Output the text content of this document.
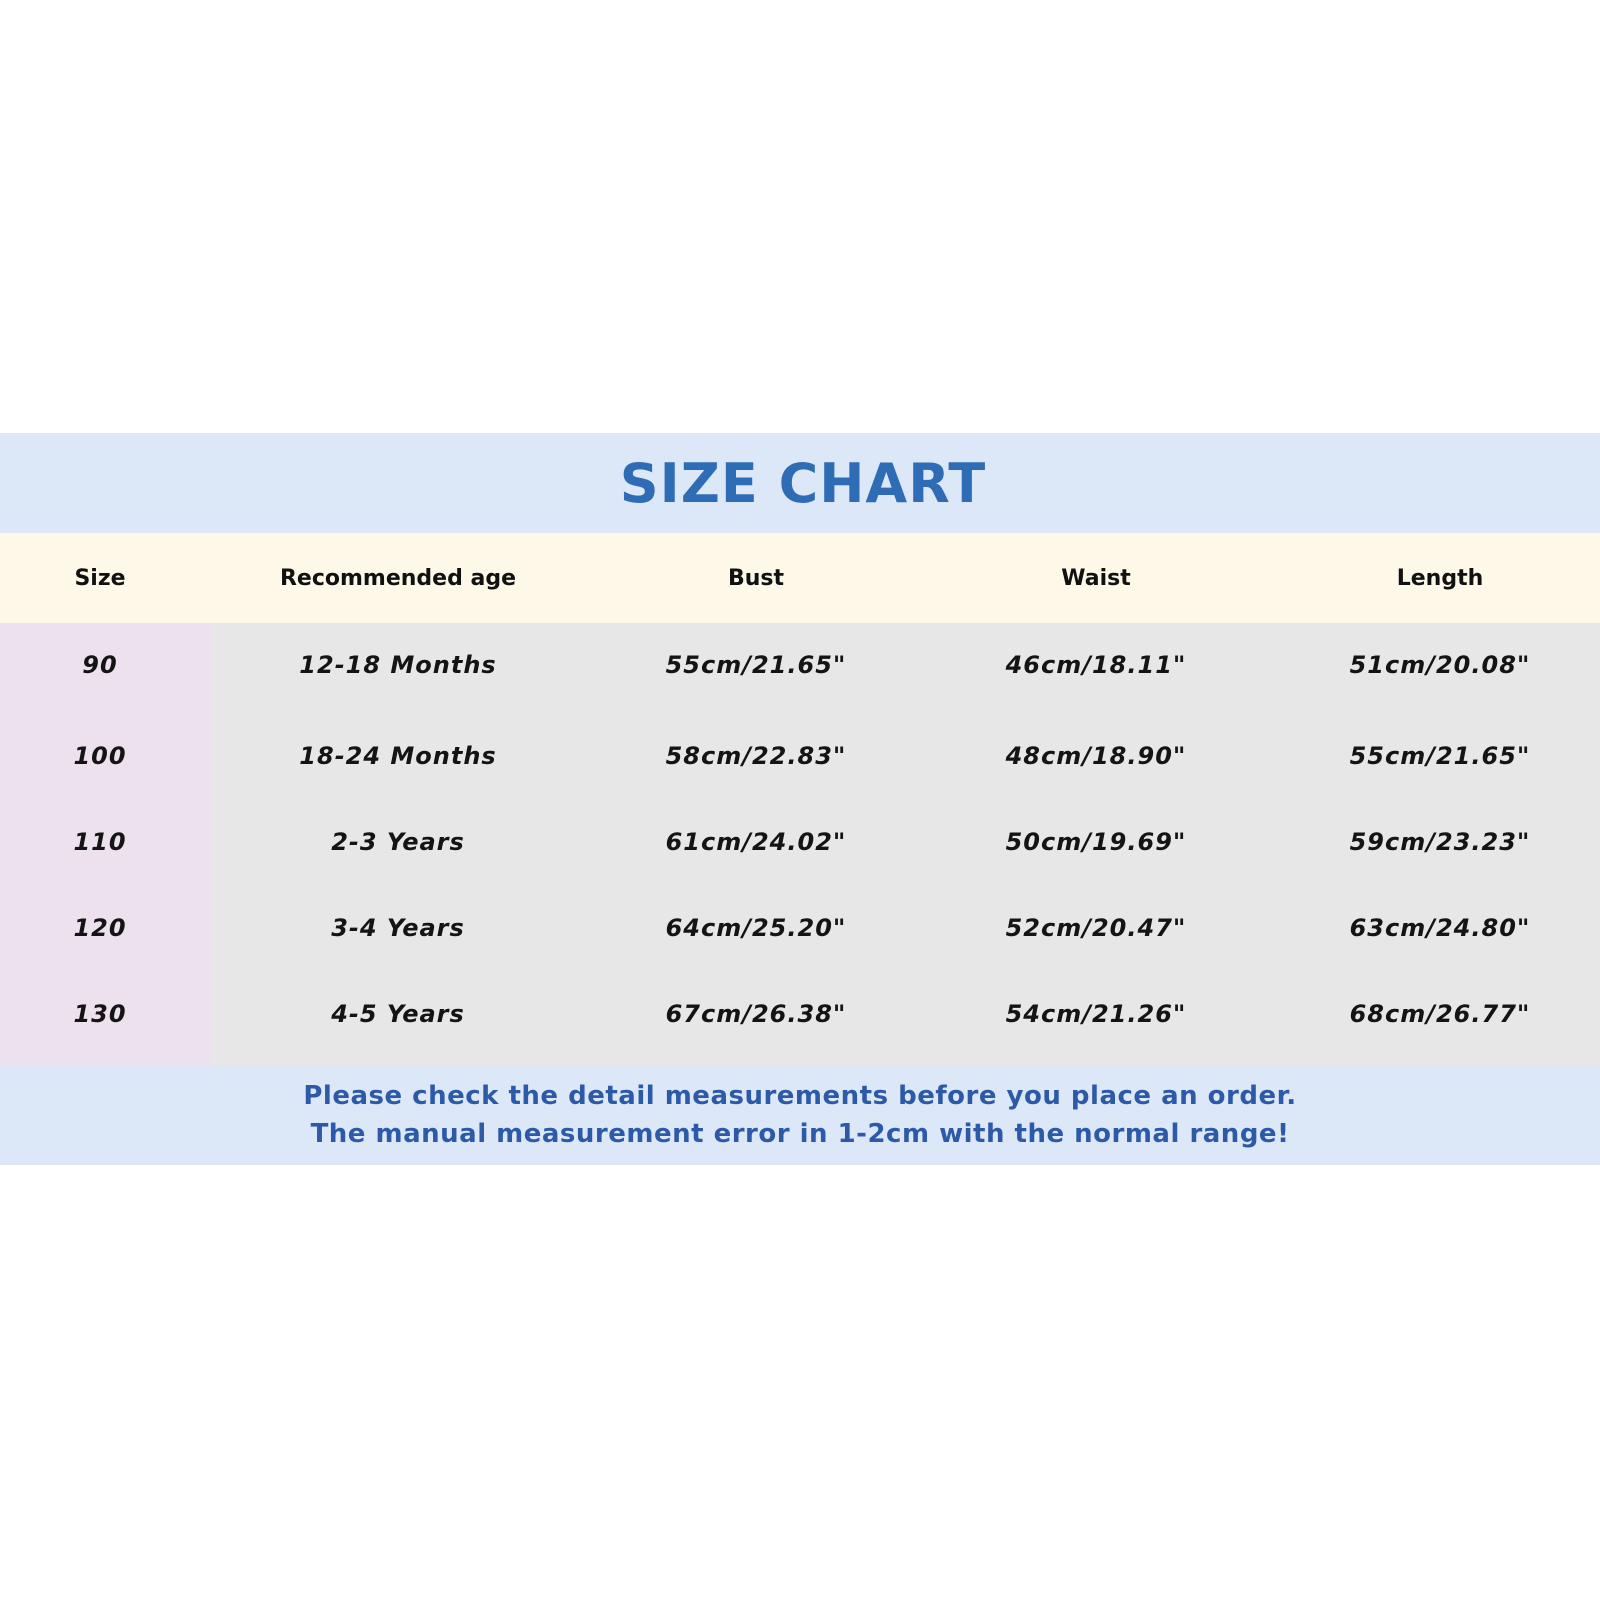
SIZE CHART
Size	Recommended age	Bust	Waist	Length
90	12-18 Months	55cm/21.65"	46cm/18.11"	51cm/20.08"
100	18-24 Months	58cm/22.83"	48cm/18.90"	55cm/21.65"
110	2-3 Years	61cm/24.02"	50cm/19.69"	59cm/23.23"
120	3-4 Years	64cm/25.20"	52cm/20.47"	63cm/24.80"
130	4-5 Years	67cm/26.38"	54cm/21.26"	68cm/26.77"
Please check the detail measurements before you place an order.
The manual measurement error in 1-2cm with the normal range!
